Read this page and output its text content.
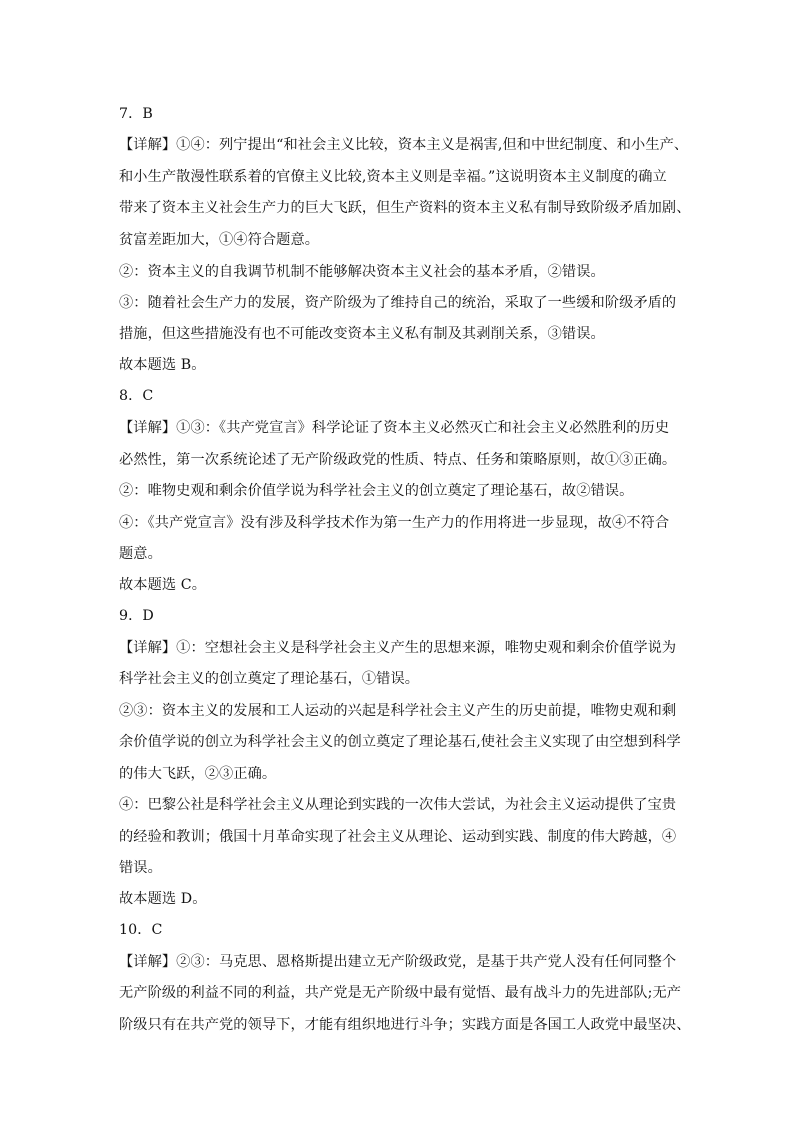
7．B
【详解】①④：列宁提出“和社会主义比较，资本主义是祸害,但和中世纪制度、和小生产、
和小生产散漫性联系着的官僚主义比较,资本主义则是幸福。”这说明资本主义制度的确立
带来了资本主义社会生产力的巨大飞跃，但生产资料的资本主义私有制导致阶级矛盾加剧、
贫富差距加大，①④符合题意。
②：资本主义的自我调节机制不能够解决资本主义社会的基本矛盾，②错误。
③：随着社会生产力的发展，资产阶级为了维持自己的统治，采取了一些缓和阶级矛盾的
措施，但这些措施没有也不可能改变资本主义私有制及其剥削关系，③错误。
故本题选 B。
8．C
【详解】①③：《共产党宣言》科学论证了资本主义必然灭亡和社会主义必然胜利的历史
必然性，第一次系统论述了无产阶级政党的性质、特点、任务和策略原则，故①③正确。
②：唯物史观和剩余价值学说为科学社会主义的创立奠定了理论基石，故②错误。
④：《共产党宣言》没有涉及科学技术作为第一生产力的作用将进一步显现，故④不符合
题意。
故本题选 C。
9．D
【详解】①：空想社会主义是科学社会主义产生的思想来源，唯物史观和剩余价值学说为
科学社会主义的创立奠定了理论基石，①错误。
②③：资本主义的发展和工人运动的兴起是科学社会主义产生的历史前提，唯物史观和剩
余价值学说的创立为科学社会主义的创立奠定了理论基石,使社会主义实现了由空想到科学
的伟大飞跃，②③正确。
④：巴黎公社是科学社会主义从理论到实践的一次伟大尝试，为社会主义运动提供了宝贵
的经验和教训；俄国十月革命实现了社会主义从理论、运动到实践、制度的伟大跨越，④
错误。
故本题选 D。
10．C
【详解】②③：马克思、恩格斯提出建立无产阶级政党，是基于共产党人没有任何同整个
无产阶级的利益不同的利益，共产党是无产阶级中最有觉悟、最有战斗力的先进部队;无产
阶级只有在共产党的领导下，才能有组织地进行斗争；实践方面是各国工人政党中最坚决、
